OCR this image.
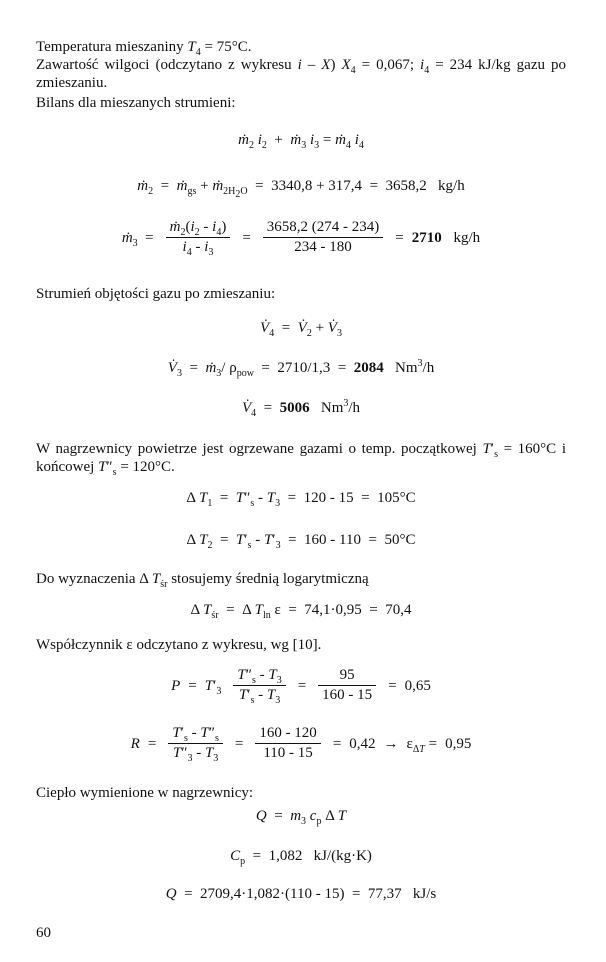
Temperatura mieszaniny $T_4 = 75^\circ C$.
Zawartość wilgoci (odczytano z wykresu i – X) $X_4 = 0,067$; $i_4 = 234$ kJ/kg gazu po zmieszaniu.
Bilans dla mieszanych strumieni:
ṁ$_2$ $i_2$  +  ṁ$_3$ $i_3$ = ṁ$_4$ $i_4$
ṁ$_2$  =  ṁ$_{gs}$ + ṁ$_{2H_2O}$  =  3340,8 + 317,4  =  3658,2 kg/h
ṁ$_3$  = $\frac{ṁ_2(i_2 - i_4)}{i_4 - i_3} = \frac{3658,2 (274 - 234)}{234 - 180} = 2710$ kg/h
Strumień objętości gazu po zmieszaniu:
$V̇_4$  =  $V̇_2$ + $V̇_3$
$V̇_3$  =  ṁ$_3$/ $\rho_{pow} = 2710/1,3 = 2084$ Nm$^3$/h
$V̇_4 = 5006$ Nm$^3$/h
W nagrzewnicy powietrze jest ogrzewane gazami o temp. początkowej $T'_s = 160^\circ C$ i końcowej $T''_s = 120^\circ C$.
Δ $T_1 = T''_s - T_3 = 120 - 15 = 105^\circ C$
Δ $T_2 = T'_s - T'_3 = 160 - 110 = 50^\circ C$
Do wyznaczenia Δ $T_{śr}$ stosujemy średnią logarytmiczną
Δ $T_{śr} = \Delta$ $T_{ln}$ ε  =  74,1·0,95  =  70,4
Współczynnik ε odczytano z wykresu, wg [10].
$P = T'_3 \frac{T''_s - T_3}{T'_s - T_3} = \frac{95}{160 - 15} = 0,65$
$R = \frac{T'_s - T''_s}{T''_3 - T_3} = \frac{160 - 120}{110 - 15} = 0,42 \to \varepsilon_{\Delta T} = 0,95$
Ciepło wymienione w nagrzewnicy:
$Q = m_3$ $c_p$ Δ T
$C_p = 1,082$ kJ/(kg·K)
Q  =  2709,4·1,082·(110 - 15)  =  77,37 kJ/s
60
